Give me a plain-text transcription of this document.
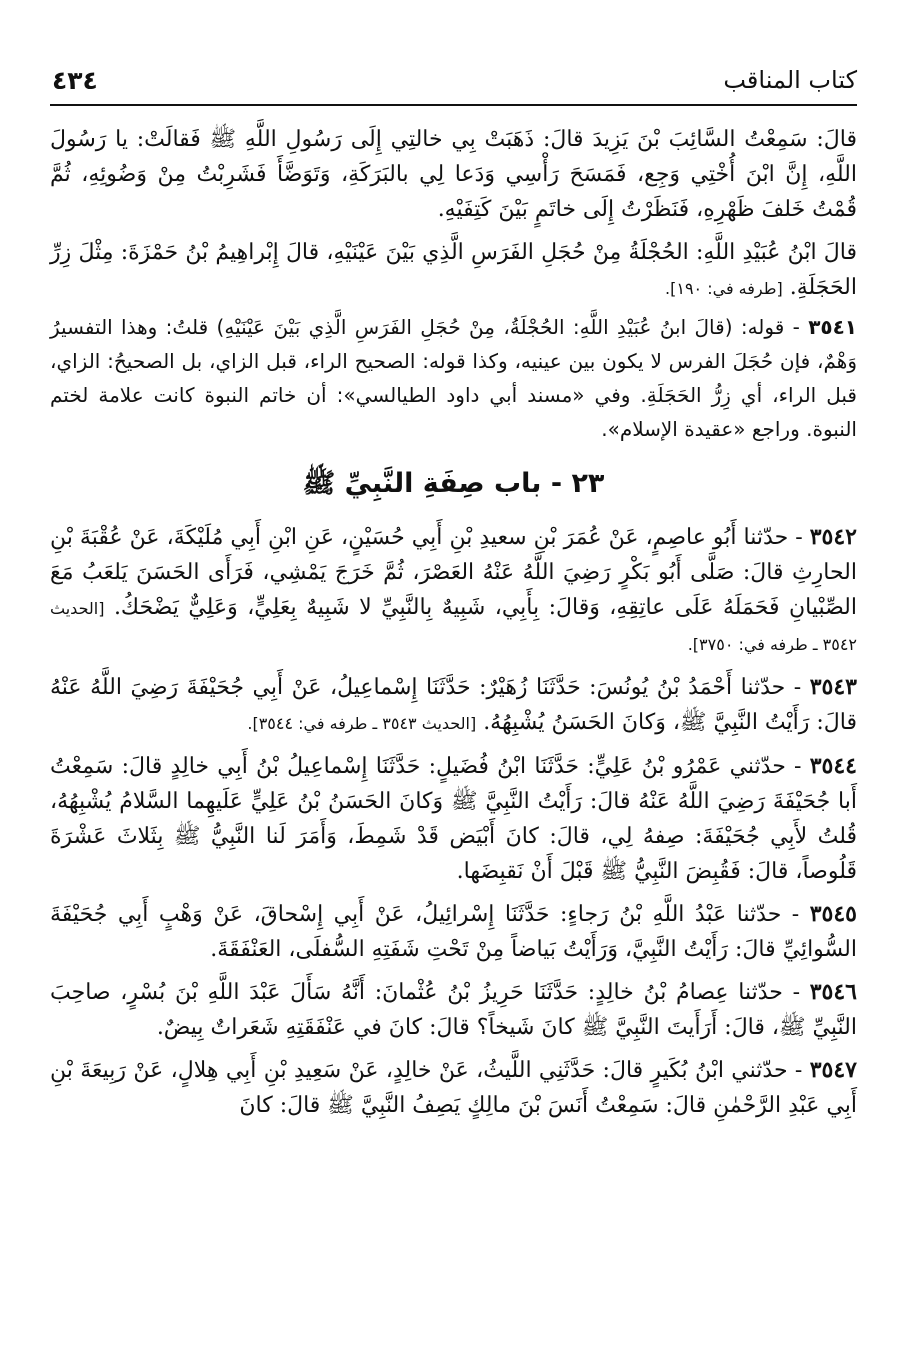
٤٣٤	كتاب المناقب

قالَ: سَمِعْتُ السَّائِبَ بْنَ يَزِيدَ قالَ: ذَهَبَتْ بِي خالتِي إِلَى رَسُولِ اللَّهِ ﷺ فَقالَتْ: يا رَسُولَ اللَّهِ، إِنَّ ابْنَ أُخْتِي وَجِع، فَمَسَحَ رَأْسِي وَدَعا لِي بالبَرَكَةِ، وَتَوَضَّأَ فَشَرِبْتُ مِنْ وَضُوئِهِ، ثُمَّ قُمْتُ خَلفَ ظَهْرِهِ، فَنَظَرْتُ إِلَى خاتَمٍ بَيْنَ كَتِفَيْهِ.

قالَ ابْنُ عُبَيْدِ اللَّهِ: الحُجْلَةُ مِنْ حُجَلِ الفَرَسِ الَّذِي بَيْنَ عَيْنَيْهِ، قالَ إِبْراهِيمُ بْنُ حَمْزَةَ: مِثْلَ زِرِّ الحَجَلَةِ. [طرفه في: ١٩٠].

٣٥٤١ - قوله: (قالَ ابنُ عُبَيْدِ اللَّهِ: الحُجْلَةُ، مِنْ حُجَلِ الفَرَسِ الَّذِي بَيْنَ عَيْنَيْهِ) قلتُ: وهذا التفسيرُ وَهْمٌ، فإن حُجَلَ الفرس لا يكون بين عينيه، وكذا قوله: الصحيح الراء، قبل الزاي، بل الصحيحُ: الزاي، قبل الراء، أي زِرُّ الحَجَلَةِ. وفي «مسند أبي داود الطيالسي»: أن خاتم النبوة كانت علامة لختم النبوة. وراجع «عقيدة الإسلام».

٢٣ - باب صِفَةِ النَّبِيِّ ﷺ

٣٥٤٢ - حدّثنا أَبُو عاصِمٍ، عَنْ عُمَرَ بْنِ سعيدِ بْنِ أَبِي حُسَيْنٍ، عَنِ ابْنِ أَبِي مُلَيْكَةَ، عَنْ عُقْبَةَ بْنِ الحارِثِ قالَ: صَلَّى أَبُو بَكْرٍ رَضِيَ اللَّهُ عَنْهُ العَصْرَ، ثُمَّ خَرَجَ يَمْشِي، فَرَأَى الحَسَنَ يَلعَبُ مَعَ الصِّبْيانِ فَحَمَلَهُ عَلَى عاتِقِهِ، وَقالَ: بِأَبِي، شَبِيهٌ بِالنَّبِيِّ لا شَبِيهٌ بِعَلِيٍّ، وَعَلِيٌّ يَضْحَكُ. [الحديث ٣٥٤٢ ـ طرفه في: ٣٧٥٠].

٣٥٤٣ - حدّثنا أَحْمَدُ بْنُ يُونُسَ: حَدَّثَنَا زُهَيْرٌ: حَدَّثَنَا إِسْماعِيلُ، عَنْ أَبِي جُحَيْفَةَ رَضِيَ اللَّهُ عَنْهُ قالَ: رَأَيْتُ النَّبِيَّ ﷺ، وَكانَ الحَسَنُ يُشْبِهُهُ. [الحديث ٣٥٤٣ ـ طرفه في: ٣٥٤٤].

٣٥٤٤ - حدّثني عَمْرُو بْنُ عَلِيٍّ: حَدَّثَنَا ابْنُ فُضَيلٍ: حَدَّثَنَا إِسْماعِيلُ بْنُ أَبِي خالِدٍ قالَ: سَمِعْتُ أَبا جُحَيْفَةَ رَضِيَ اللَّهُ عَنْهُ قالَ: رَأَيْتُ النَّبِيَّ ﷺ وَكانَ الحَسَنُ بْنُ عَلِيٍّ عَلَيهِما السَّلامُ يُشْبِهُهُ، قُلتُ لأَبِي جُحَيْفَةَ: صِفهُ لِي، قالَ: كانَ أَبْيَض قَدْ شَمِطَ، وَأَمَرَ لَنا النَّبِيُّ ﷺ بِثَلاثَ عَشْرَةَ قَلُوصاً، قالَ: فَقُبِضَ النَّبِيُّ ﷺ قَبْلَ أَنْ نَقبِضَها.

٣٥٤٥ - حدّثنا عَبْدُ اللَّهِ بْنُ رَجاءٍ: حَدَّثَنَا إِسْرائِيلُ، عَنْ أَبِي إِسْحاقَ، عَنْ وَهْبٍ أَبِي جُحَيْفَةَ السُّوائِيِّ قالَ: رَأَيْتُ النَّبِيَّ، وَرَأَيْتُ بَياضاً مِنْ تَحْتِ شَفَتِهِ السُّفلَى، العَنْفَقَةَ.

٣٥٤٦ - حدّثنا عِصامُ بْنُ خالِدٍ: حَدَّثَنَا حَرِيزُ بْنُ عُثْمانَ: أَنَّهُ سَأَلَ عَبْدَ اللَّهِ بْنَ بُسْرٍ، صاحِبَ النَّبِيِّ ﷺ، قالَ: أَرَأَيتَ النَّبِيَّ ﷺ كانَ شَيخاً؟ قالَ: كانَ في عَنْفَقَتِهِ شَعَراتٌ بِيضٌ.

٣٥٤٧ - حدّثني ابْنُ بُكَيرٍ قالَ: حَدَّثَنِي اللَّيثُ، عَنْ خالِدٍ، عَنْ سَعِيدِ بْنِ أَبِي هِلالٍ، عَنْ رَبِيعَةَ بْنِ أَبِي عَبْدِ الرَّحْمٰنِ قالَ: سَمِعْتُ أَنَسَ بْنَ مالِكٍ يَصِفُ النَّبِيَّ ﷺ قالَ: كانَ
